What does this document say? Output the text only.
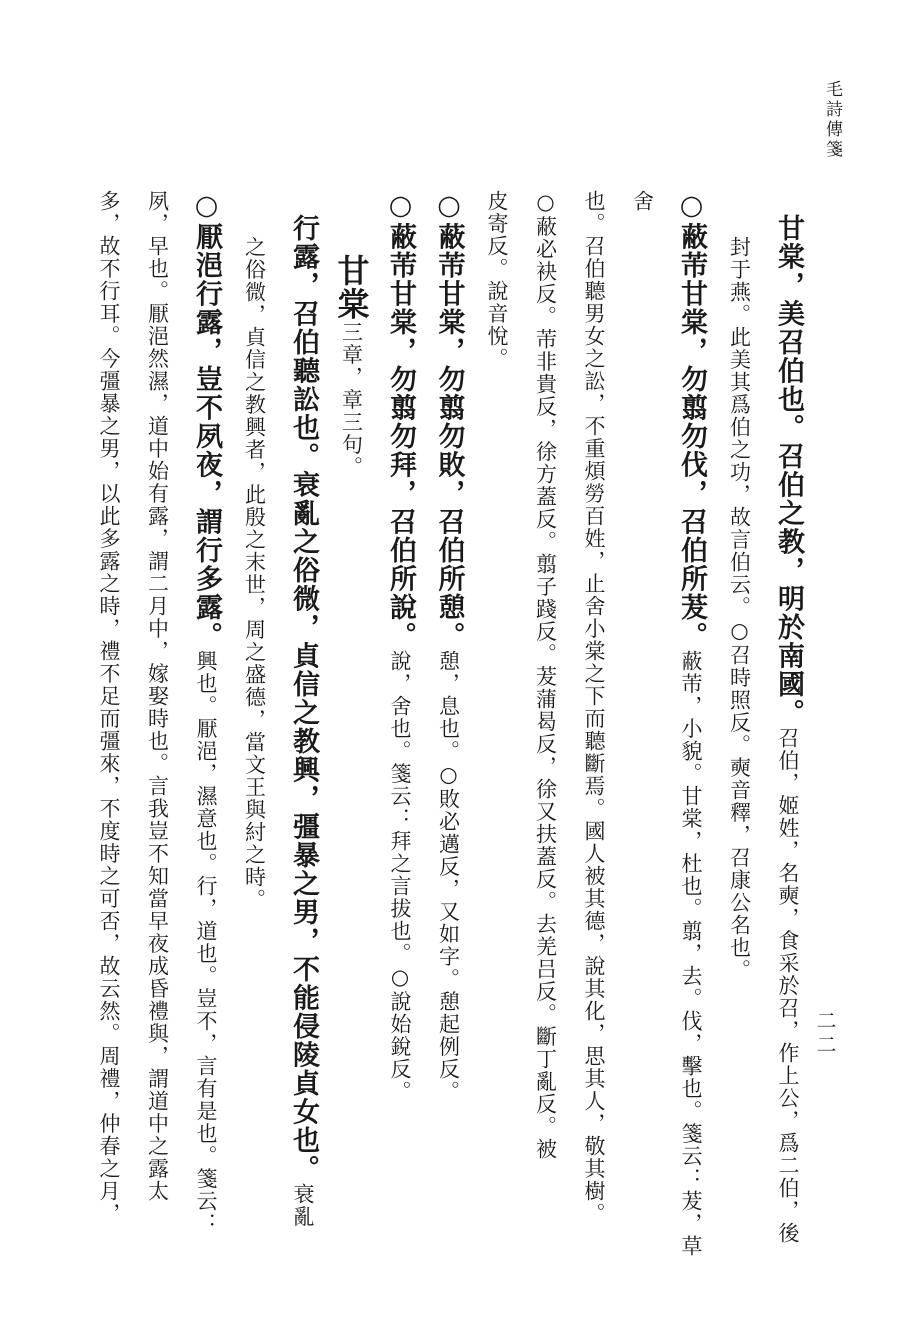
毛詩傳箋
二二
甘棠，美召伯也。召伯之教，明於南國。召伯，姬姓，名奭，食采於召，作上公，爲二伯，後
封于燕。此美其爲伯之功，故言伯云。○召時照反。奭音釋，召康公名也。
○蔽芾甘棠，勿翦勿伐，召伯所茇。蔽芾，小貌。甘棠，杜也。翦，去。伐，擊也。箋云：茇，草舍
也。召伯聽男女之訟，不重煩勞百姓，止舍小棠之下而聽斷焉。國人被其德，說其化，思其人，敬其樹。
○蔽必袂反。芾非貴反，徐方蓋反。翦子踐反。茇蒲曷反，徐又扶蓋反。去羌吕反。斷丁亂反。被
皮寄反。說音悅。
○蔽芾甘棠，勿翦勿敗，召伯所憩。憩，息也。○敗必邁反，又如字。憩起例反。
○蔽芾甘棠，勿翦勿拜，召伯所說。說，舍也。箋云：拜之言拔也。○說始銳反。
甘棠三章，章三句。
行露，召伯聽訟也。衰亂之俗微，貞信之教興，彊暴之男，不能侵陵貞女也。衰亂
之俗微，貞信之教興者，此殷之末世，周之盛德，當文王與紂之時。
○厭浥行露，豈不夙夜，謂行多露。興也。厭浥，濕意也。行，道也。豈不，言有是也。箋云：
夙，早也。厭浥然濕，道中始有露，謂二月中，嫁娶時也。言我豈不知當早夜成昏禮與，謂道中之露太
多，故不行耳。今彊暴之男，以此多露之時，禮不足而彊來，不度時之可否，故云然。周禮，仲春之月，
